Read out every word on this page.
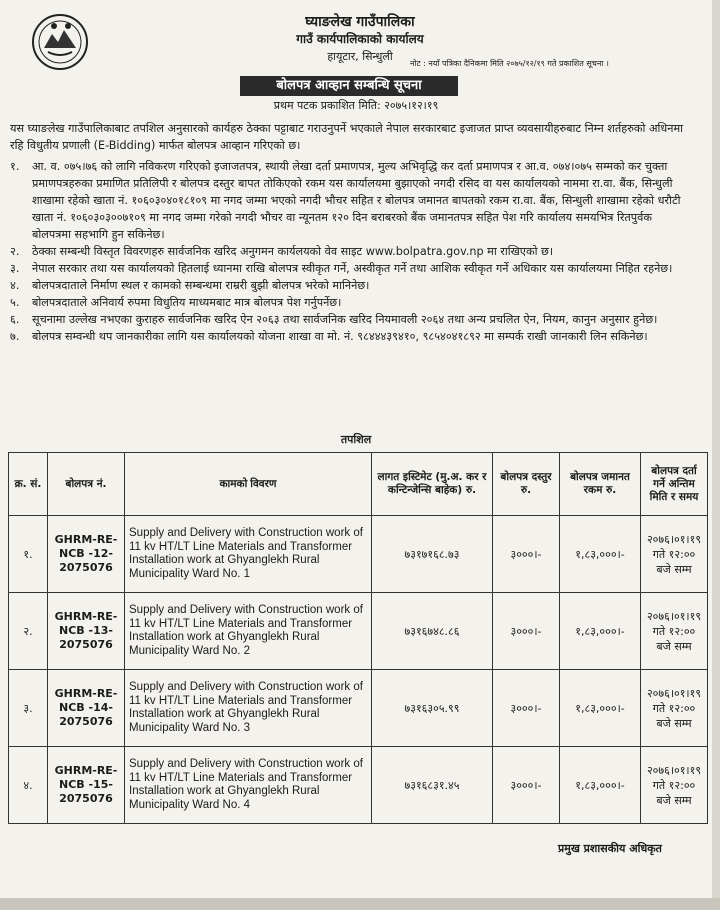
घ्याङलेख गाउँपालिका
गाउँ कार्यपालिकाको कार्यालय
हायूटार, सिन्धुली
नोट : नयाँ पत्रिका दैनिकमा मिति २०७५/१२/१९ गते प्रकाशित सूचना ।
बोलपत्र आव्हान सम्बन्धि सूचना
प्रथम पटक प्रकाशित मिति: २०७५।१२।१९
यस घ्याङलेख गाउँपालिकाबाट तपशिल अनुसारको कार्यहरु ठेक्का पट्टाबाट गराउनुपर्ने भएकाले नेपाल सरकारबाट इजाजत प्राप्त व्यवसायीहरुबाट निम्न शर्तहरुको अधिनमा रहि विधुतीय प्रणाली (E-Bidding) मार्फत बोलपत्र आव्हान गरिएको छ।
१.	आ. व. ०७५।७६ को लागि नविकरण गरिएको इजाजतपत्र, स्थायी लेखा दर्ता प्रमाणपत्र, मुल्य अभिवृद्धि कर दर्ता प्रमाणपत्र र आ.व. ०७४।०७५ सम्मको कर चुक्ता प्रमाणपत्रहरुका प्रमाणित प्रतिलिपी र बोलपत्र दस्तुर बापत तोकिएको रकम यस कार्यालयमा बुझाएको नगदी रसिद वा यस कार्यालयको नाममा रा.वा. बैंक, सिन्धुली शाखामा रहेको खाता नं. १०६०३०४०१८१०९ मा नगद जम्मा भएको नगदी भौचर सहित र बोलपत्र जमानत बापतको रकम रा.वा. बैंक, सिन्धुली शाखामा रहेको धरौटी खाता नं. १०६०३०३००७१०९ मा नगद जम्मा गरेको नगदी भौचर वा न्यूनतम १२० दिन बराबरको बैंक जमानतपत्र सहित पेश गरि कार्यालय समयभित्र रितपुर्वक बोलपत्रमा सहभागि हुन सकिनेछ।
२.	ठेक्का सम्बन्धी विस्तृत विवरणहरु सार्वजनिक खरिद अनुगमन कार्यलयको वेव साइट www.bolpatra.gov.np मा राखिएको छ।
३.	नेपाल सरकार तथा यस कार्यालयको हितलाई ध्यानमा राखि बोलपत्र स्वीकृत गर्ने, अस्वीकृत गर्ने तथा आशिक स्वीकृत गर्ने अधिकार यस कार्यालयमा निहित रहनेछ।
४.	बोलपत्रदाताले निर्माण स्थल र कामको सम्बन्धमा राम्ररी बुझी बोलपत्र भरेको मानिनेछ।
५.	बोलपत्रदाताले अनिवार्य रुपमा विधुतिय माध्यमबाट मात्र बोलपत्र पेश गर्नुपर्नेछ।
६.	सूचनामा उल्लेख नभएका कुराहरु सार्वजनिक खरिद ऐन २०६३ तथा सार्वजनिक खरिद नियमावली २०६४ तथा अन्य प्रचलित ऐन, नियम, कानुन अनुसार हुनेछ।
७.	बोलपत्र सम्वन्धी थप जानकारीका लागि यस कार्यालयको योजना शाखा वा मो. नं. ९८४४४३९४१०, ९८५४०४१८९२ मा सम्पर्क राखी जानकारी लिन सकिनेछ।
तपशिल
क्र. सं.	बोलपत्र नं.	कामको विवरण	लागत इस्टिमेट (मु.अ. कर र कन्टिन्जेन्सि बाहेक) रु.	बोलपत्र दस्तुर रु.	बोलपत्र जमानत रकम रु.	बोलपत्र दर्ता गर्ने अन्तिम मिति र समय
१.	GHRM-RE-NCB -12-2075076	Supply and Delivery with Construction work of 11 kv HT/LT Line Materials and Transformer Installation work at Ghyanglekh Rural Municipality Ward No. 1	७३१७१६८.७३	३०००।-	१,८३,०००।-	२०७६।०१।१९ गते १२:०० बजे सम्म
२.	GHRM-RE-NCB -13-2075076	Supply and Delivery with Construction work of 11 kv HT/LT Line Materials and Transformer Installation work at Ghyanglekh Rural Municipality Ward No. 2	७३१६७४८.८६	३०००।-	१,८३,०००।-	२०७६।०१।१९ गते १२:०० बजे सम्म
३.	GHRM-RE-NCB -14-2075076	Supply and Delivery with Construction work of 11 kv HT/LT Line Materials and Transformer Installation work at Ghyanglekh Rural Municipality Ward No. 3	७३१६३०५.९९	३०००।-	१,८३,०००।-	२०७६।०१।१९ गते १२:०० बजे सम्म
४.	GHRM-RE-NCB -15-2075076	Supply and Delivery with Construction work of 11 kv HT/LT Line Materials and Transformer Installation work at Ghyanglekh Rural Municipality Ward No. 4	७३१६८३१.४५	३०००।-	१,८३,०००।-	२०७६।०१।१९ गते १२:०० बजे सम्म
प्रमुख प्रशासकीय अधिकृत
